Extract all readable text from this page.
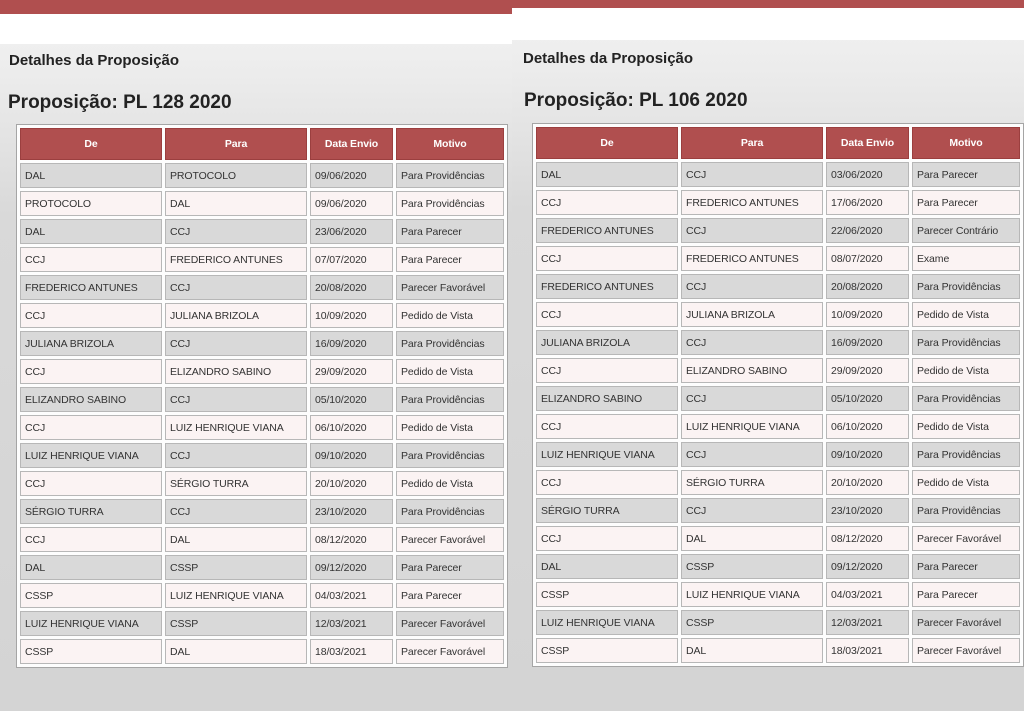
Detalhes da Proposição
Proposição: PL 128 2020
De	Para	Data Envio	Motivo
DAL	PROTOCOLO	09/06/2020	Para Providências
PROTOCOLO	DAL	09/06/2020	Para Providências
DAL	CCJ	23/06/2020	Para Parecer
CCJ	FREDERICO ANTUNES	07/07/2020	Para Parecer
FREDERICO ANTUNES	CCJ	20/08/2020	Parecer Favorável
CCJ	JULIANA BRIZOLA	10/09/2020	Pedido de Vista
JULIANA BRIZOLA	CCJ	16/09/2020	Para Providências
CCJ	ELIZANDRO SABINO	29/09/2020	Pedido de Vista
ELIZANDRO SABINO	CCJ	05/10/2020	Para Providências
CCJ	LUIZ HENRIQUE VIANA	06/10/2020	Pedido de Vista
LUIZ HENRIQUE VIANA	CCJ	09/10/2020	Para Providências
CCJ	SÉRGIO TURRA	20/10/2020	Pedido de Vista
SÉRGIO TURRA	CCJ	23/10/2020	Para Providências
CCJ	DAL	08/12/2020	Parecer Favorável
DAL	CSSP	09/12/2020	Para Parecer
CSSP	LUIZ HENRIQUE VIANA	04/03/2021	Para Parecer
LUIZ HENRIQUE VIANA	CSSP	12/03/2021	Parecer Favorável
CSSP	DAL	18/03/2021	Parecer Favorável
Detalhes da Proposição
Proposição: PL 106 2020
De	Para	Data Envio	Motivo
DAL	CCJ	03/06/2020	Para Parecer
CCJ	FREDERICO ANTUNES	17/06/2020	Para Parecer
FREDERICO ANTUNES	CCJ	22/06/2020	Parecer Contrário
CCJ	FREDERICO ANTUNES	08/07/2020	Exame
FREDERICO ANTUNES	CCJ	20/08/2020	Para Providências
CCJ	JULIANA BRIZOLA	10/09/2020	Pedido de Vista
JULIANA BRIZOLA	CCJ	16/09/2020	Para Providências
CCJ	ELIZANDRO SABINO	29/09/2020	Pedido de Vista
ELIZANDRO SABINO	CCJ	05/10/2020	Para Providências
CCJ	LUIZ HENRIQUE VIANA	06/10/2020	Pedido de Vista
LUIZ HENRIQUE VIANA	CCJ	09/10/2020	Para Providências
CCJ	SÉRGIO TURRA	20/10/2020	Pedido de Vista
SÉRGIO TURRA	CCJ	23/10/2020	Para Providências
CCJ	DAL	08/12/2020	Parecer Favorável
DAL	CSSP	09/12/2020	Para Parecer
CSSP	LUIZ HENRIQUE VIANA	04/03/2021	Para Parecer
LUIZ HENRIQUE VIANA	CSSP	12/03/2021	Parecer Favorável
CSSP	DAL	18/03/2021	Parecer Favorável
